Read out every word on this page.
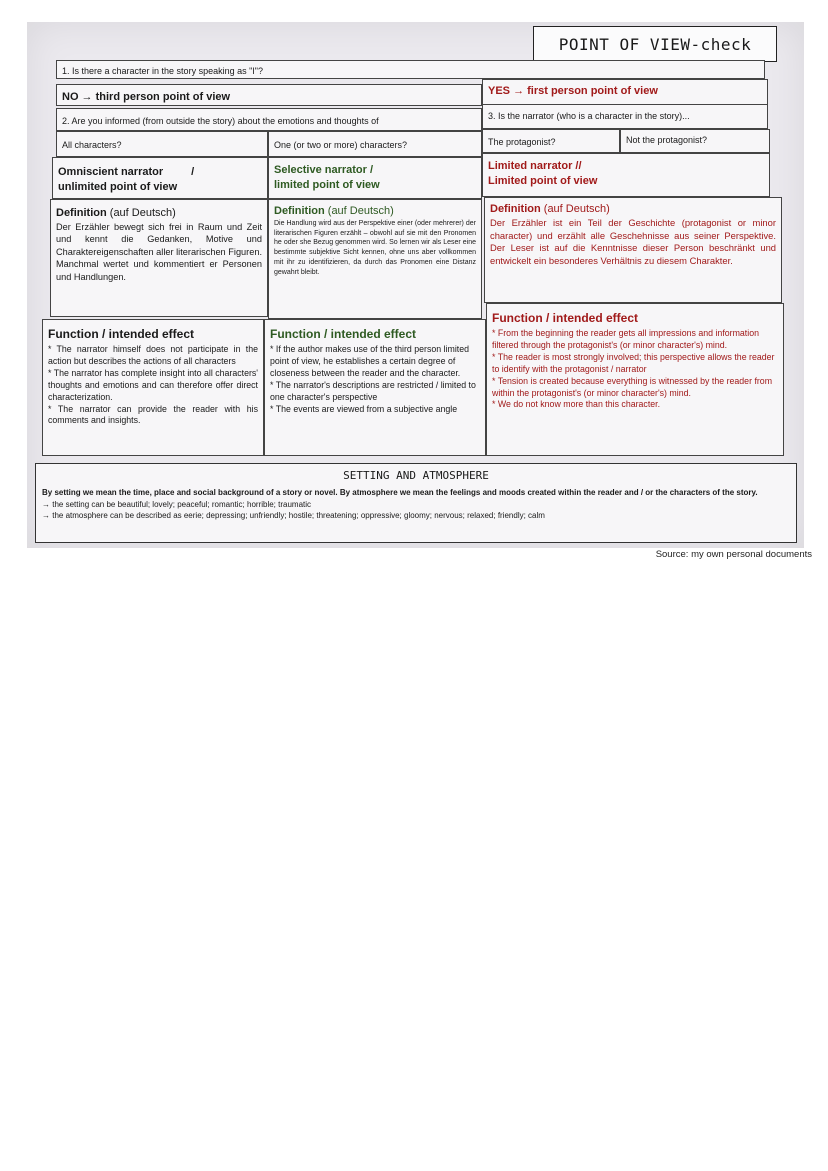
POINT OF VIEW-check
1. Is there a character in the story speaking as "I"?
NO → third person point of view	YES → first person point of view
2. Are you informed (from outside the story) about the emotions and thoughts of	3. Is the narrator (who is a character in the story)...
All characters?	One (or two or more) characters?	The protagonist?	Not the protagonist?
Omniscient narrator	/
unlimited point of view
Selective narrator /
limited point of view
Limited narrator //
Limited point of view
Definition (auf Deutsch)
Der Erzähler bewegt sich frei in Raum und Zeit und kennt die Gedanken, Motive und Charaktereigenschaften aller literarischen Figuren. Manchmal wertet und kommentiert er Personen und Handlungen.
Definition (auf Deutsch)
Die Handlung wird aus der Perspektive einer (oder mehrerer) der literarischen Figuren erzählt – obwohl auf sie mit den Pronomen he oder she Bezug genommen wird. So lernen wir als Leser eine bestimmte subjektive Sicht kennen, ohne uns aber vollkommen mit ihr zu identifizieren, da durch das Pronomen eine Distanz gewahrt bleibt.
Definition (auf Deutsch)
Der Erzähler ist ein Teil der Geschichte (protagonist or minor character) und erzählt alle Geschehnisse aus seiner Perspektive. Der Leser ist auf die Kenntnisse dieser Person beschränkt und entwickelt ein besonderes Verhältnis zu diesem Charakter.
Function / intended effect
* The narrator himself does not participate in the action but describes the actions of all characters
* The narrator has complete insight into all characters' thoughts and emotions and can therefore offer direct characterization.
* The narrator can provide the reader with his comments and insights.
Function / intended effect
* If the author makes use of the third person limited point of view, he establishes a certain degree of closeness between the reader and the character.
* The narrator's descriptions are restricted / limited to one character's perspective
* The events are viewed from a subjective angle
Function / intended effect
* From the beginning the reader gets all impressions and information filtered through the protagonist's (or minor character's) mind.
* The reader is most strongly involved; this perspective allows the reader to identify with the protagonist / narrator
* Tension is created because everything is witnessed by the reader from within the protagonist's (or minor character's) mind.
* We do not know more than this character.
SETTING AND ATMOSPHERE
By setting we mean the time, place and social background of a story or novel. By atmosphere we mean the feelings and moods created within the reader and / or the characters of the story.
→ the setting can be beautiful; lovely; peaceful; romantic; horrible; traumatic
→ the atmosphere can be described as eerie; depressing; unfriendly; hostile; threatening; oppressive; gloomy; nervous; relaxed; friendly; calm
Source: my own personal documents
